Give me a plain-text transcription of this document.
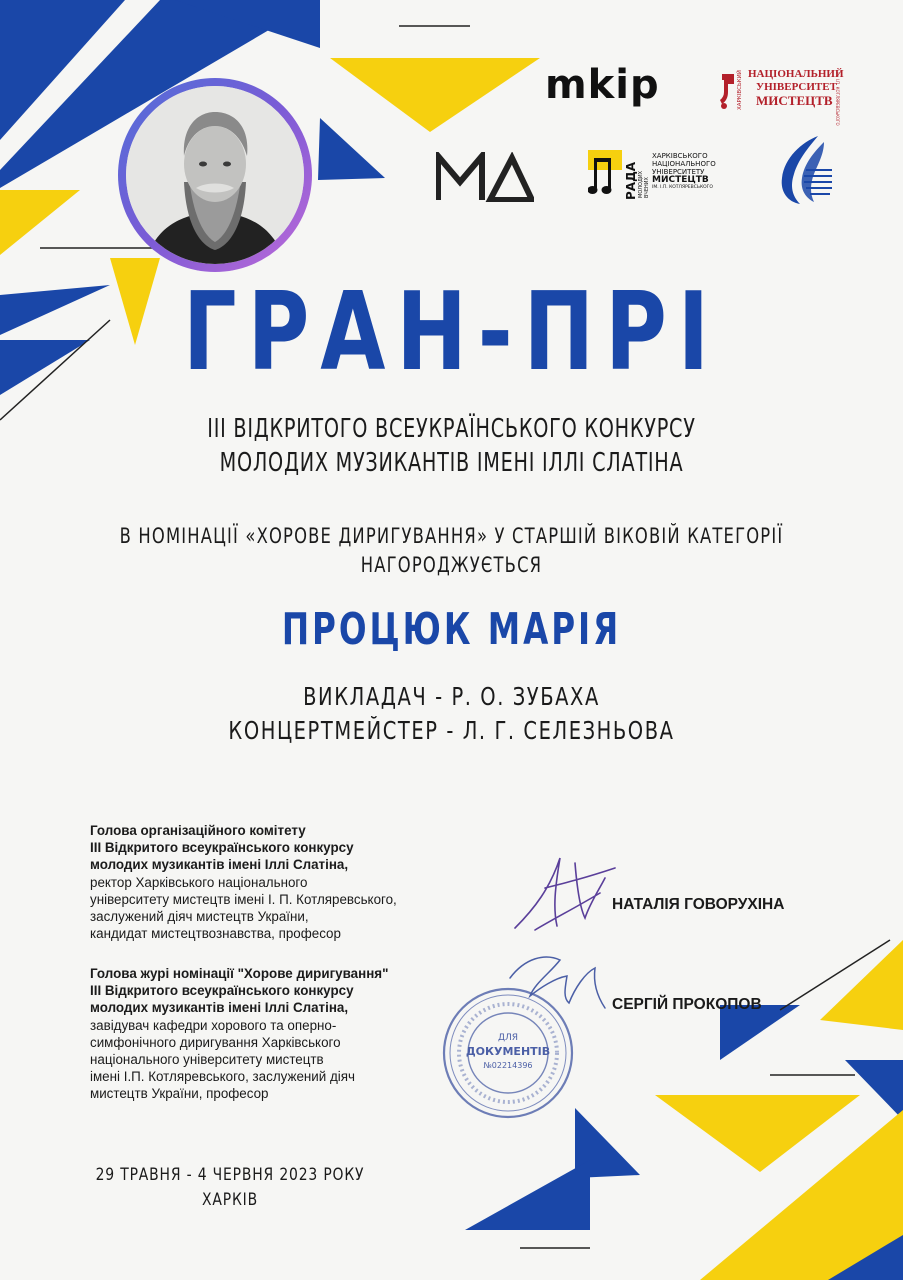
mkip	ХАРКІВСЬКИЙ НАЦІОНАЛЬНИЙ
УНІВЕРСИТЕТ
МИСТЕЦТВ ім. І.П. КОТЛЯРЕВСЬКОГО
РАДА МОЛОДИХ ВЧЕНИХ
ХАРКІВСЬКОГО
НАЦІОНАЛЬНОГО
УНІВЕРСИТЕТУ
МИСТЕЦТВ
ІМ. І.П. КОТЛЯРЕВСЬКОГО
ГРАН-ПРІ
III ВІДКРИТОГО ВСЕУКРАЇНСЬКОГО КОНКУРСУ
МОЛОДИХ МУЗИКАНТІВ ІМЕНІ ІЛЛІ СЛАТІНА
В НОМІНАЦІЇ «ХОРОВЕ ДИРИГУВАННЯ» У СТАРШІЙ ВІКОВІЙ КАТЕГОРІЇ
НАГОРОДЖУЄТЬСЯ
ПРОЦЮК МАРІЯ
ВИКЛАДАЧ - Р. О. ЗУБАХА
КОНЦЕРТМЕЙСТЕР - Л. Г. СЕЛЕЗНЬОВА
Голова організаційного комітету
III Відкритого всеукраїнського конкурсу
молодих музикантів імені Іллі Слатіна,
ректор Харківського національного
університету мистецтв імені І. П. Котляревського,
заслужений діяч мистецтв України,
кандидат мистецтвознавства, професор
НАТАЛІЯ ГОВОРУХІНА
Голова журі номінації "Хорове диригування"
III Відкритого всеукраїнського конкурсу
молодих музикантів імені Іллі Слатіна,
завідувач кафедри хорового та оперно-
симфонічного диригування Харківського
національного університету мистецтв
імені І.П. Котляревського, заслужений діяч
мистецтв України, професор
СЕРГІЙ ПРОКОПОВ
ДЛЯ
ДОКУМЕНТІВ
№02214396
29 ТРАВНЯ - 4 ЧЕРВНЯ 2023 РОКУ
ХАРКІВ
